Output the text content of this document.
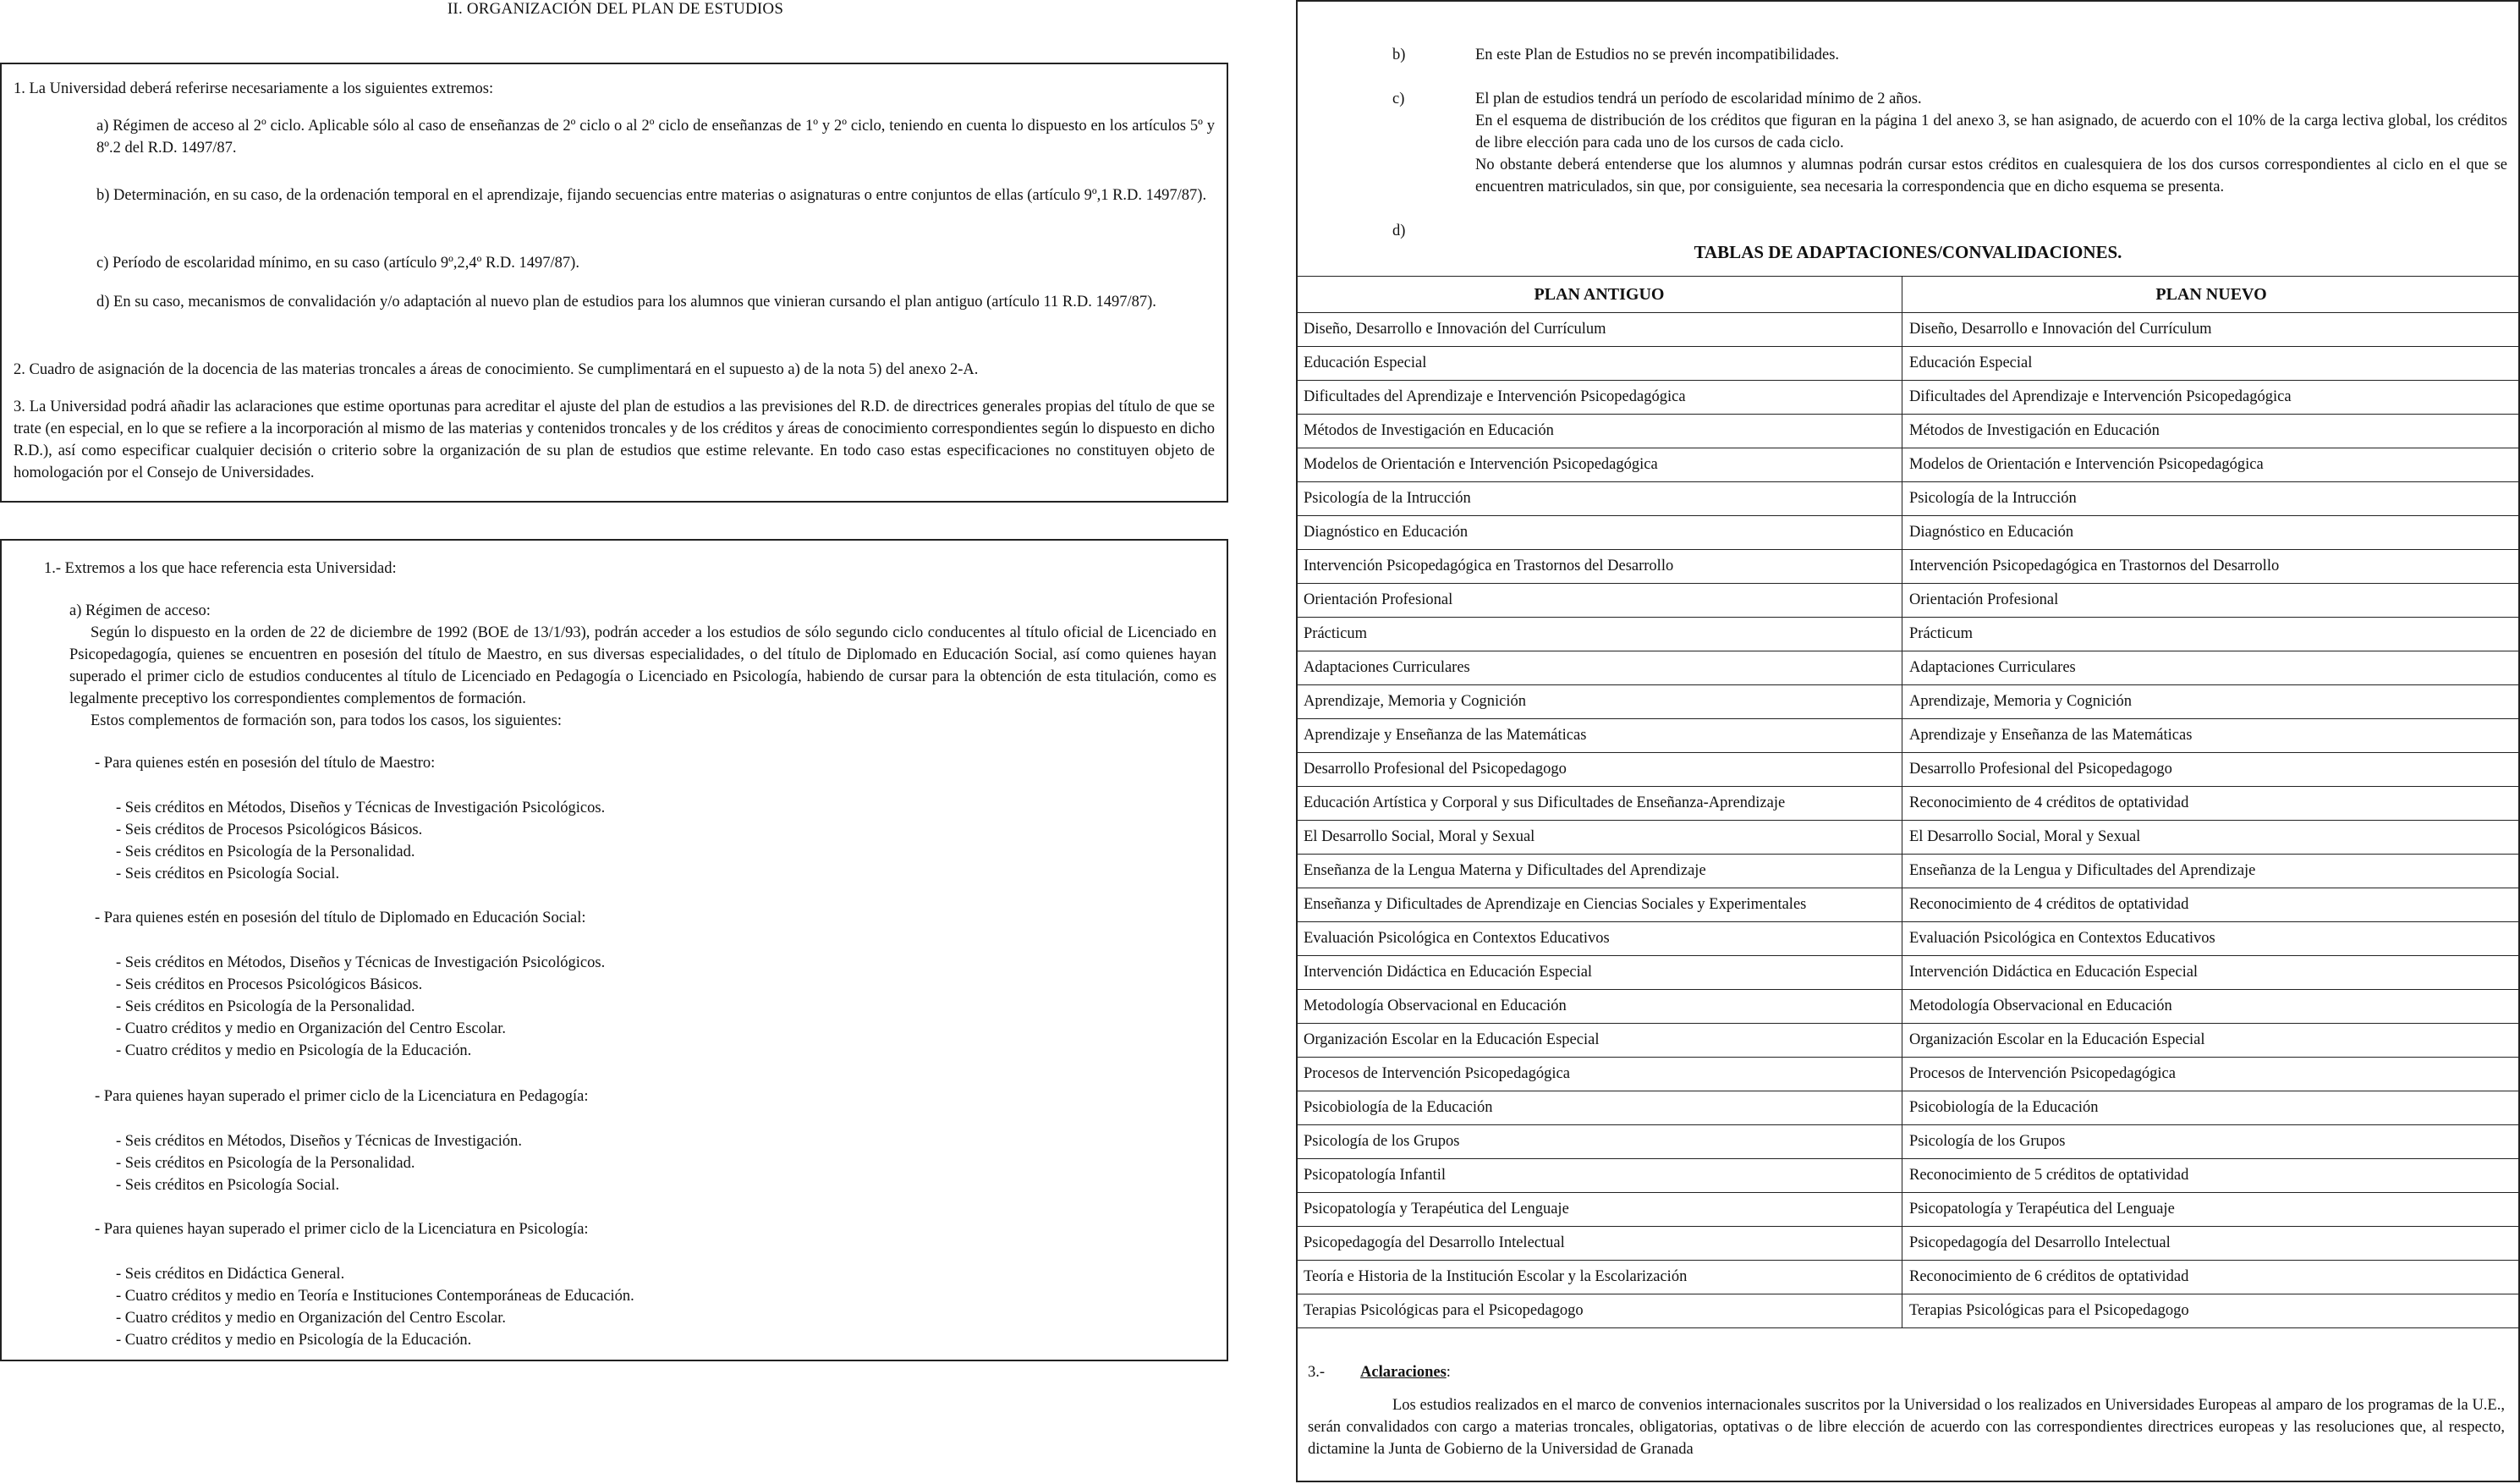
II. ORGANIZACIÓN DEL PLAN DE ESTUDIOS

1. La Universidad deberá referirse necesariamente a los siguientes extremos:

a) Régimen de acceso al 2º ciclo. Aplicable sólo al caso de enseñanzas de 2º ciclo o al 2º ciclo de enseñanzas de 1º y 2º ciclo, teniendo en cuenta lo dispuesto en los artículos 5º y 8º.2 del R.D. 1497/87.

b) Determinación, en su caso, de la ordenación temporal en el aprendizaje, fijando secuencias entre materias o asignaturas o entre conjuntos de ellas (artículo 9º,1 R.D. 1497/87).

c) Período de escolaridad mínimo, en su caso (artículo 9º,2,4º R.D. 1497/87).

d) En su caso, mecanismos de convalidación y/o adaptación al nuevo plan de estudios para los alumnos que vinieran cursando el plan antiguo (artículo 11 R.D. 1497/87).

2. Cuadro de asignación de la docencia de las materias troncales a áreas de conocimiento. Se cumplimentará en el supuesto a) de la nota 5) del anexo 2-A.

3. La Universidad podrá añadir las aclaraciones que estime oportunas para acreditar el ajuste del plan de estudios a las previsiones del R.D. de directrices generales propias del título de que se trate (en especial, en lo que se refiere a la incorporación al mismo de las materias y contenidos troncales y de los créditos y áreas de conocimiento correspondientes según lo dispuesto en dicho R.D.), así como especificar cualquier decisión o criterio sobre la organización de su plan de estudios que estime relevante. En todo caso estas especificaciones no constituyen objeto de homologación por el Consejo de Universidades.

1.- Extremos a los que hace referencia esta Universidad:

a) Régimen de acceso:

Según lo dispuesto en la orden de 22 de diciembre de 1992 (BOE de 13/1/93), podrán acceder a los estudios de sólo segundo ciclo conducentes al título oficial de Licenciado en Psicopedagogía, quienes se encuentren en posesión del título de Maestro, en sus diversas especialidades, o del título de Diplomado en Educación Social, así como quienes hayan superado el primer ciclo de estudios conducentes al título de Licenciado en Pedagogía o Licenciado en Psicología, habiendo de cursar para la obtención de esta titulación, como es legalmente preceptivo los correspondientes complementos de formación.

Estos complementos de formación son, para todos los casos, los siguientes:

- Para quienes estén en posesión del título de Maestro:

- Seis créditos en Métodos, Diseños y Técnicas de Investigación Psicológicos.

- Seis créditos de Procesos Psicológicos Básicos.

- Seis créditos en Psicología de la Personalidad.

- Seis créditos en Psicología Social.

- Para quienes estén en posesión del título de Diplomado en Educación Social:

- Seis créditos en Métodos, Diseños y Técnicas de Investigación Psicológicos.

- Seis créditos en Procesos Psicológicos Básicos.

- Seis créditos en Psicología de la Personalidad.

- Cuatro créditos y medio en Organización del Centro Escolar.

- Cuatro créditos y medio en Psicología de la Educación.

- Para quienes hayan superado el primer ciclo de la Licenciatura en Pedagogía:

- Seis créditos en Métodos, Diseños y Técnicas de Investigación.

- Seis créditos en Psicología de la Personalidad.

- Seis créditos en Psicología Social.

- Para quienes hayan superado el primer ciclo de la Licenciatura en Psicología:

- Seis créditos en Didáctica General.

- Cuatro créditos y medio en Teoría e Instituciones Contemporáneas de Educación.

- Cuatro créditos y medio en Organización del Centro Escolar.

- Cuatro créditos y medio en Psicología de la Educación.

b)	En este Plan de Estudios no se prevén incompatibilidades.

c)	El plan de estudios tendrá un período de escolaridad mínimo de 2 años.

En el esquema de distribución de los créditos que figuran en la página 1 del anexo 3, se han asignado, de acuerdo con el 10% de la carga lectiva global, los créditos de libre elección para cada uno de los cursos de cada ciclo.

No obstante deberá entenderse que los alumnos y alumnas podrán cursar estos créditos en cualesquiera de los dos cursos correspondientes al ciclo en el que se encuentren matriculados, sin que, por consiguiente, sea necesaria la correspondencia que en dicho esquema se presenta.

d)

TABLAS DE ADAPTACIONES/CONVALIDACIONES.
PLAN ANTIGUO	PLAN NUEVO
Diseño, Desarrollo e Innovación del Currículum	Diseño, Desarrollo e Innovación del Currículum
Educación Especial	Educación Especial
Dificultades del Aprendizaje e Intervención Psicopedagógica	Dificultades del Aprendizaje e Intervención Psicopedagógica
Métodos de Investigación en Educación	Métodos de Investigación en Educación
Modelos de Orientación e Intervención Psicopedagógica	Modelos de Orientación e Intervención Psicopedagógica
Psicología de la Intrucción	Psicología de la Intrucción
Diagnóstico en Educación	Diagnóstico en Educación
Intervención Psicopedagógica en Trastornos del Desarrollo	Intervención Psicopedagógica en Trastornos del Desarrollo
Orientación Profesional	Orientación Profesional
Prácticum	Prácticum
Adaptaciones Curriculares	Adaptaciones Curriculares
Aprendizaje, Memoria y Cognición	Aprendizaje, Memoria y Cognición
Aprendizaje y Enseñanza de las Matemáticas	Aprendizaje y Enseñanza de las Matemáticas
Desarrollo Profesional del Psicopedagogo	Desarrollo Profesional del Psicopedagogo
Educación Artística y Corporal y sus Dificultades de Enseñanza-Aprendizaje	Reconocimiento de 4 créditos de optatividad
El Desarrollo Social, Moral y Sexual	El Desarrollo Social, Moral y Sexual
Enseñanza de la Lengua Materna y Dificultades del Aprendizaje	Enseñanza de la Lengua y Dificultades del Aprendizaje
Enseñanza y Dificultades de Aprendizaje en Ciencias Sociales y Experimentales	Reconocimiento de 4 créditos de optatividad
Evaluación Psicológica en Contextos Educativos	Evaluación Psicológica en Contextos Educativos
Intervención Didáctica en Educación Especial	Intervención Didáctica en Educación Especial
Metodología Observacional en Educación	Metodología Observacional en Educación
Organización Escolar en la Educación Especial	Organización Escolar en la Educación Especial
Procesos de Intervención Psicopedagógica	Procesos de Intervención Psicopedagógica
Psicobiología de la Educación	Psicobiología de la Educación
Psicología de los Grupos	Psicología de los Grupos
Psicopatología Infantil	Reconocimiento de 5 créditos de optatividad
Psicopatología y Terapéutica del Lenguaje	Psicopatología y Terapéutica del Lenguaje
Psicopedagogía del Desarrollo Intelectual	Psicopedagogía del Desarrollo Intelectual
Teoría e Historia de la Institución Escolar y la Escolarización	Reconocimiento de 6 créditos de optatividad
Terapias Psicológicas para el Psicopedagogo	Terapias Psicológicas para el Psicopedagogo
3.- Aclaraciones:

Los estudios realizados en el marco de convenios internacionales suscritos por la Universidad o los realizados en Universidades Europeas al amparo de los programas de la U.E., serán convalidados con cargo a materias troncales, obligatorias, optativas o de libre elección de acuerdo con las correspondientes directrices europeas y las resoluciones que, al respecto, dictamine la Junta de Gobierno de la Universidad de Granada
